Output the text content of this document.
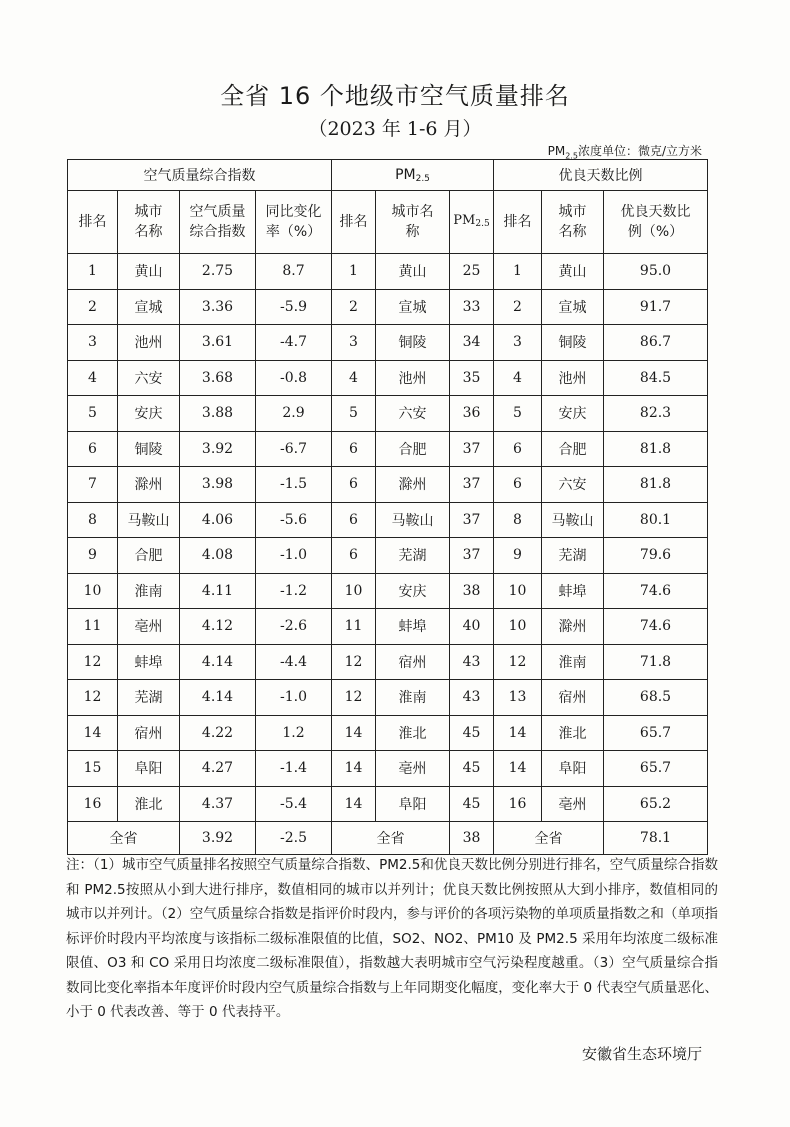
全省 16 个地级市空气质量排名
（2023 年 1-6 月）
$PM_{2.5}$浓度单位：微克/立方米
空气质量综合指数				$PM_{2.5}$			优良天数比例		
排名	城市名称	空气质量综合指数	同比变化率（%）	排名	城市名称	$PM_{2.5}$	排名	城市名称	优良天数比例（%）
1	黄山	2.75	8.7	1	黄山	25	1	黄山	95.0
2	宣城	3.36	-5.9	2	宣城	33	2	宣城	91.7
3	池州	3.61	-4.7	3	铜陵	34	3	铜陵	86.7
4	六安	3.68	-0.8	4	池州	35	4	池州	84.5
5	安庆	3.88	2.9	5	六安	36	5	安庆	82.3
6	铜陵	3.92	-6.7	6	合肥	37	6	合肥	81.8
7	滁州	3.98	-1.5	6	滁州	37	6	六安	81.8
8	马鞍山	4.06	-5.6	6	马鞍山	37	8	马鞍山	80.1
9	合肥	4.08	-1.0	6	芜湖	37	9	芜湖	79.6
10	淮南	4.11	-1.2	10	安庆	38	10	蚌埠	74.6
11	亳州	4.12	-2.6	11	蚌埠	40	10	滁州	74.6
12	蚌埠	4.14	-4.4	12	宿州	43	12	淮南	71.8
12	芜湖	4.14	-1.0	12	淮南	43	13	宿州	68.5
14	宿州	4.22	1.2	14	淮北	45	14	淮北	65.7
15	阜阳	4.27	-1.4	14	亳州	45	14	阜阳	65.7
16	淮北	4.37	-5.4	14	阜阳	45	16	亳州	65.2
全省		3.92	-2.5	全省		38	全省		78.1
注：（1）城市空气质量排名按照空气质量综合指数、PM2.5和优良天数比例分别进行排名，空气质量综合指数和 PM2.5按照从小到大进行排序，数值相同的城市以并列计；优良天数比例按照从大到小排序，数值相同的城市以并列计。（2）空气质量综合指数是指评价时段内，参与评价的各项污染物的单项质量指数之和（单项指标评价时段内平均浓度与该指标二级标准限值的比值，SO2、NO2、PM10 及 PM2.5 采用年均浓度二级标准限值、O3 和 CO 采用日均浓度二级标准限值），指数越大表明城市空气污染程度越重。（3）空气质量综合指数同比变化率指本年度评价时段内空气质量综合指数与上年同期变化幅度，变化率大于 0 代表空气质量恶化、小于 0 代表改善、等于 0 代表持平。
安徽省生态环境厅
